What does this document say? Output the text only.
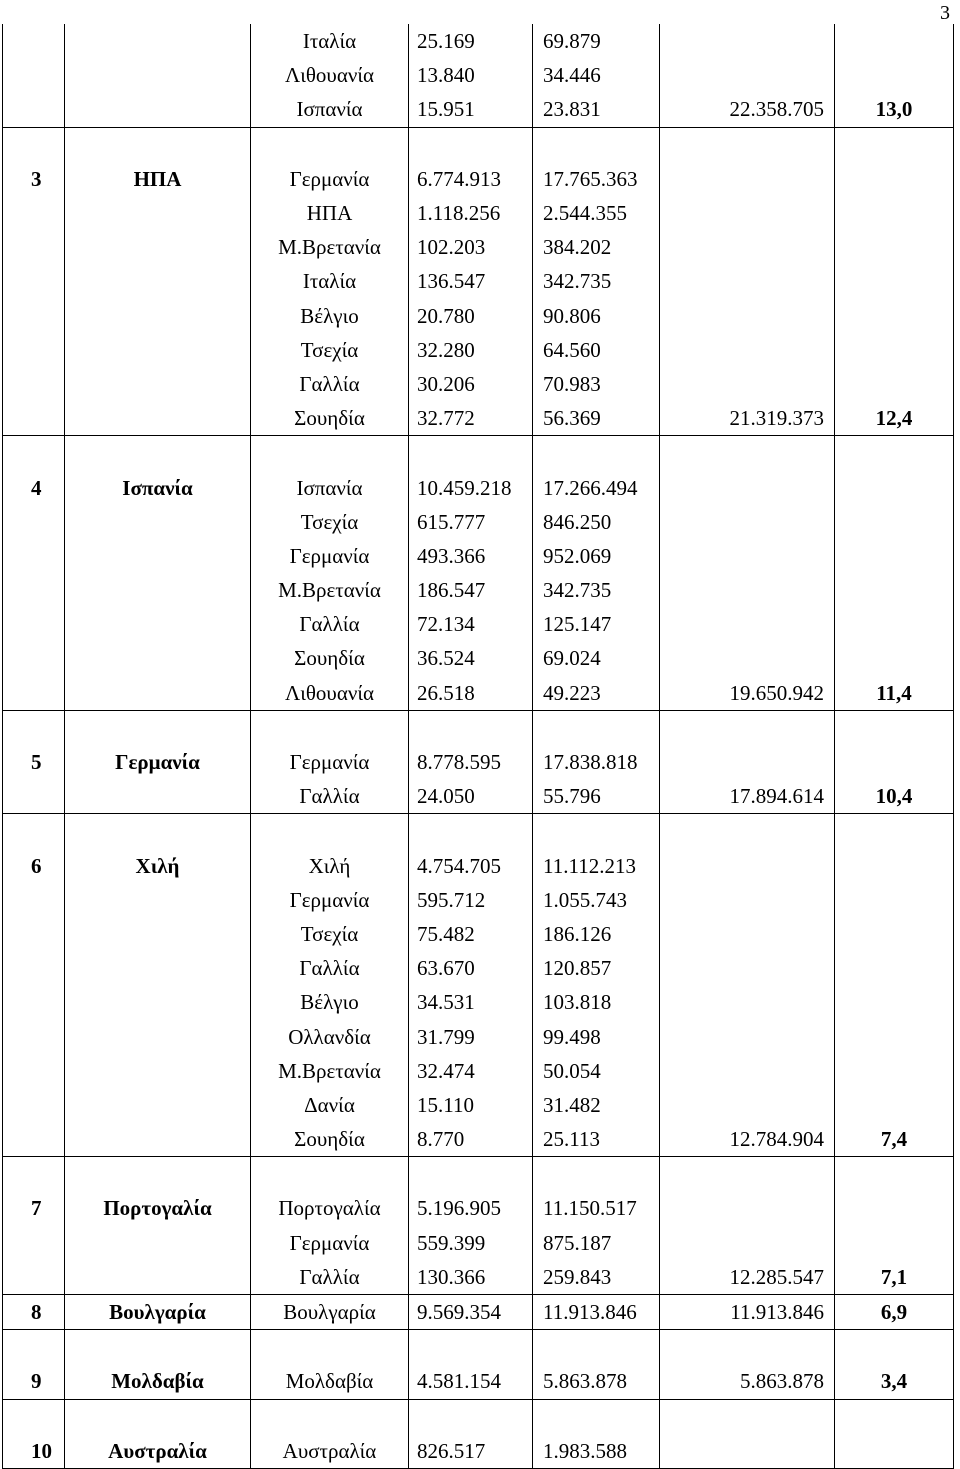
3
		Ιταλία	25.169	69.879		
		Λιθουανία	13.840	34.446		
		Ισπανία	15.951	23.831	22.358.705	13,0

3	ΗΠΑ	Γερμανία	6.774.913	17.765.363		
		ΗΠΑ	1.118.256	2.544.355		
		Μ.Βρετανία	102.203	384.202		
		Ιταλία	136.547	342.735		
		Βέλγιο	20.780	90.806		
		Τσεχία	32.280	64.560		
		Γαλλία	30.206	70.983		
		Σουηδία	32.772	56.369	21.319.373	12,4

4	Ισπανία	Ισπανία	10.459.218	17.266.494		
		Τσεχία	615.777	846.250		
		Γερμανία	493.366	952.069		
		Μ.Βρετανία	186.547	342.735		
		Γαλλία	72.134	125.147		
		Σουηδία	36.524	69.024		
		Λιθουανία	26.518	49.223	19.650.942	11,4

5	Γερμανία	Γερμανία	8.778.595	17.838.818		
		Γαλλία	24.050	55.796	17.894.614	10,4

6	Χιλή	Χιλή	4.754.705	11.112.213		
		Γερμανία	595.712	1.055.743		
		Τσεχία	75.482	186.126		
		Γαλλία	63.670	120.857		
		Βέλγιο	34.531	103.818		
		Ολλανδία	31.799	99.498		
		Μ.Βρετανία	32.474	50.054		
		Δανία	15.110	31.482		
		Σουηδία	8.770	25.113	12.784.904	7,4

7	Πορτογαλία	Πορτογαλία	5.196.905	11.150.517		
		Γερμανία	559.399	875.187		
		Γαλλία	130.366	259.843	12.285.547	7,1
8	Βουλγαρία	Βουλγαρία	9.569.354	11.913.846	11.913.846	6,9

9	Μολδαβία	Μολδαβία	4.581.154	5.863.878	5.863.878	3,4

10	Αυστραλία	Αυστραλία	826.517	1.983.588		
